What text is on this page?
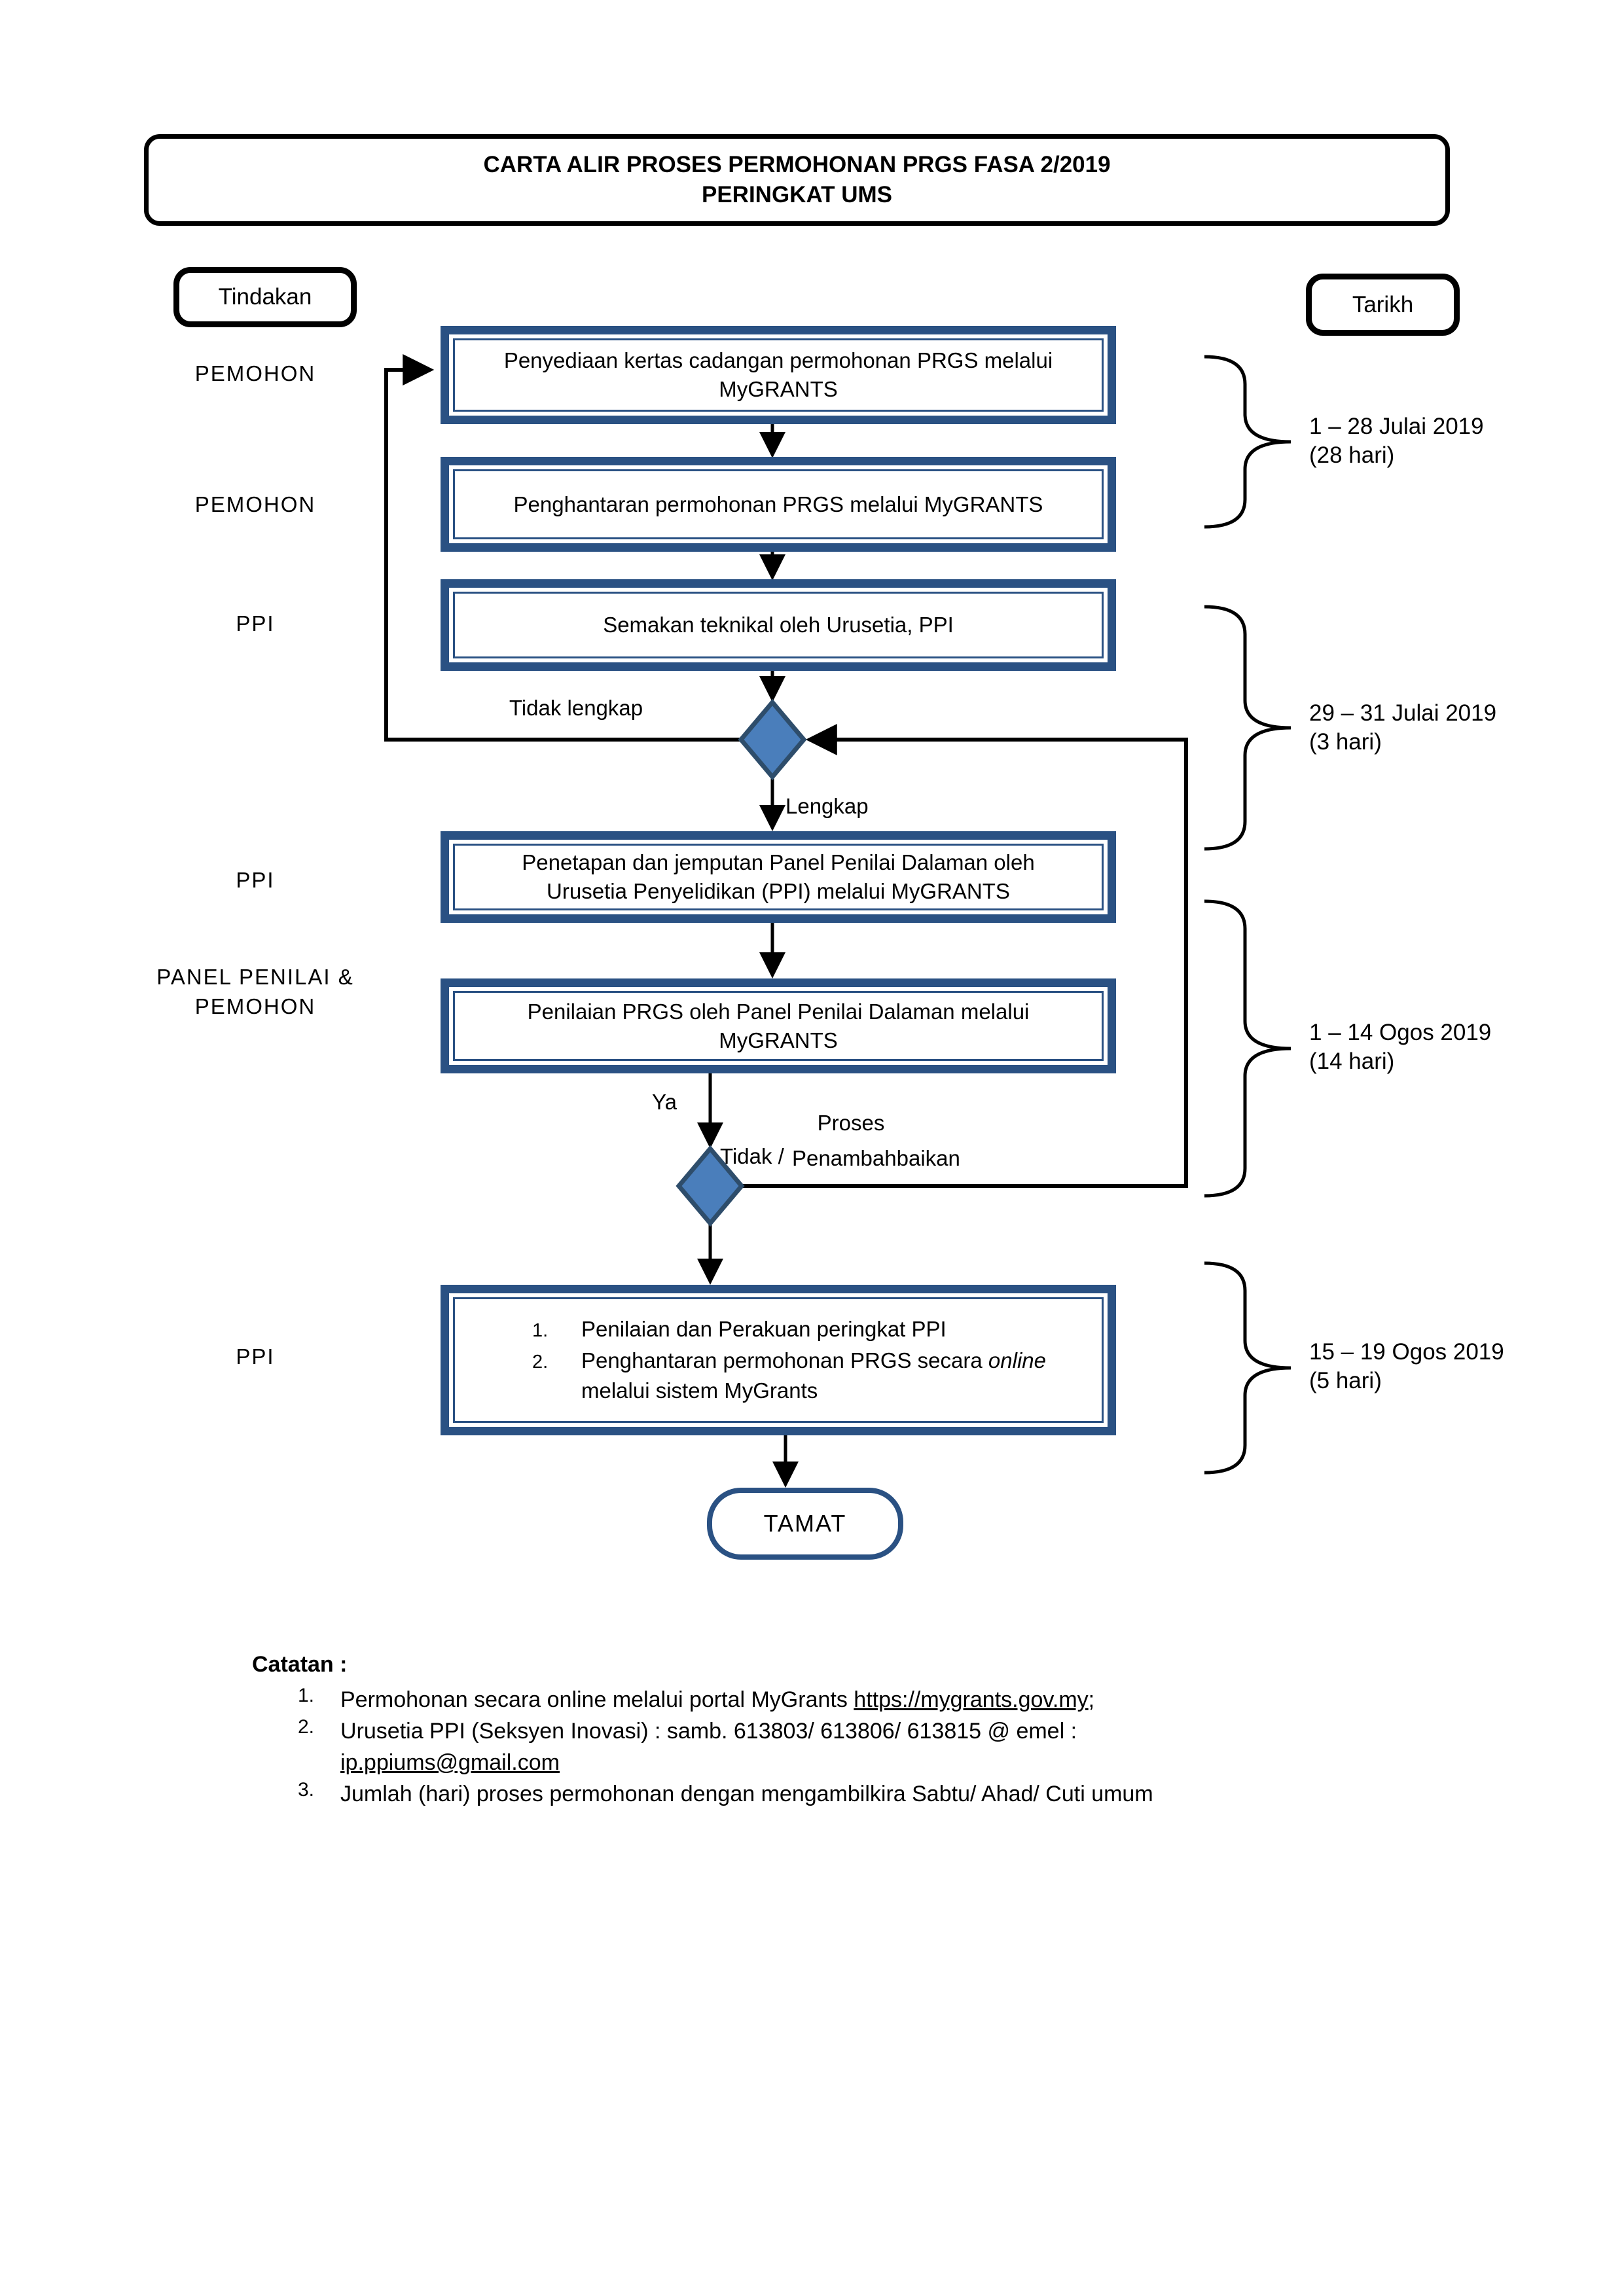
CARTA ALIR PROSES PERMOHONAN PRGS FASA 2/2019
PERINGKAT UMS
Tindakan	Tarikh
PEMOHON
PEMOHON
PPI
PPI
PANEL PENILAI &
PEMOHON
PPI
Penyediaan kertas cadangan permohonan PRGS melalui
MyGRANTS
Penghantaran permohonan PRGS melalui MyGRANTS
Semakan teknikal oleh Urusetia, PPI
Penetapan dan jemputan Panel Penilai Dalaman oleh
Urusetia Penyelidikan (PPI) melalui MyGRANTS
Penilaian PRGS oleh Panel Penilai Dalaman melalui
MyGRANTS
1.	Penilaian dan Perakuan peringkat PPI
2.	Penghantaran permohonan PRGS secara online
melalui sistem MyGrants
TAMAT
Tidak lengkap
Lengkap
Ya
Proses
Tidak / Penambahbaikan
1 – 28 Julai 2019
(28 hari)
29 – 31 Julai 2019
(3 hari)
1 – 14 Ogos 2019
(14 hari)
15 – 19 Ogos 2019
(5 hari)
Catatan :
1.	Permohonan secara online melalui portal MyGrants https://mygrants.gov.my;
2.	Urusetia PPI (Seksyen Inovasi) : samb. 613803/ 613806/ 613815 @ emel :
ip.ppiums@gmail.com
3.	Jumlah (hari) proses permohonan dengan mengambilkira Sabtu/ Ahad/ Cuti umum
